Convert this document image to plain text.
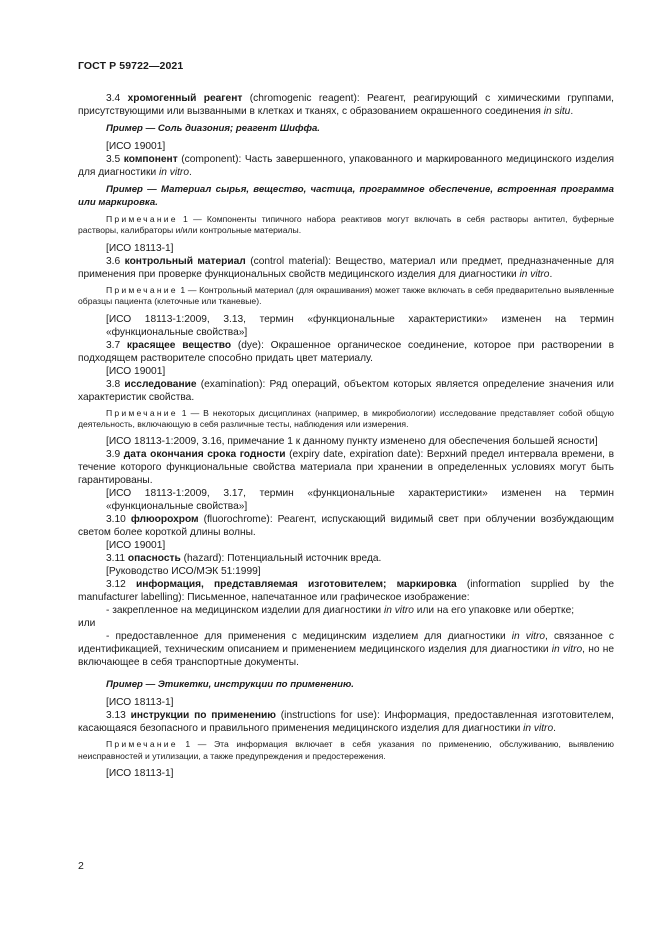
ГОСТ Р 59722—2021
3.4 хромогенный реагент (chromogenic reagent): Реагент, реагирующий с химическими группами, присутствующими или вызванными в клетках и тканях, с образованием окрашенного соединения in situ.
Пример — Соль диазония; реагент Шиффа.
[ИСО 19001]
3.5 компонент (component): Часть завершенного, упакованного и маркированного медицинского изделия для диагностики in vitro.
Пример — Материал сырья, вещество, частица, программное обеспечение, встроенная программа или маркировка.
Примечание 1 — Компоненты типичного набора реактивов могут включать в себя растворы антител, буферные растворы, калибраторы и/или контрольные материалы.
[ИСО 18113-1]
3.6 контрольный материал (control material): Вещество, материал или предмет, предназначенные для применения при проверке функциональных свойств медицинского изделия для диагностики in vitro.
Примечание 1 — Контрольный материал (для окрашивания) может также включать в себя предварительно выявленные образцы пациента (клеточные или тканевые).
[ИСО 18113-1:2009, 3.13, термин «функциональные характеристики» изменен на термин «функциональные свойства»]
3.7 красящее вещество (dye): Окрашенное органическое соединение, которое при растворении в подходящем растворителе способно придать цвет материалу.
[ИСО 19001]
3.8 исследование (examination): Ряд операций, объектом которых является определение значения или характеристик свойства.
Примечание 1 — В некоторых дисциплинах (например, в микробиологии) исследование представляет собой общую деятельность, включающую в себя различные тесты, наблюдения или измерения.
[ИСО 18113-1:2009, 3.16, примечание 1 к данному пункту изменено для обеспечения большей ясности]
3.9 дата окончания срока годности (expiry date, expiration date): Верхний предел интервала времени, в течение которого функциональные свойства материала при хранении в определенных условиях могут быть гарантированы.
[ИСО 18113-1:2009, 3.17, термин «функциональные характеристики» изменен на термин «функциональные свойства»]
3.10 флюорохром (fluorochrome): Реагент, испускающий видимый свет при облучении возбуждающим светом более короткой длины волны.
[ИСО 19001]
3.11 опасность (hazard): Потенциальный источник вреда.
[Руководство ИСО/МЭК 51:1999]
3.12 информация, представляемая изготовителем; маркировка (information supplied by the manufacturer labelling): Письменное, напечатанное или графическое изображение:
- закрепленное на медицинском изделии для диагностики in vitro или на его упаковке или обертке;
или
- предоставленное для применения с медицинским изделием для диагностики in vitro, связанное с идентификацией, техническим описанием и применением медицинского изделия для диагностики in vitro, но не включающее в себя транспортные документы.
Пример — Этикетки, инструкции по применению.
[ИСО 18113-1]
3.13 инструкции по применению (instructions for use): Информация, предоставленная изготовителем, касающаяся безопасного и правильного применения медицинского изделия для диагностики in vitro.
Примечание 1 — Эта информация включает в себя указания по применению, обслуживанию, выявлению неисправностей и утилизации, а также предупреждения и предостережения.
[ИСО 18113-1]
2
